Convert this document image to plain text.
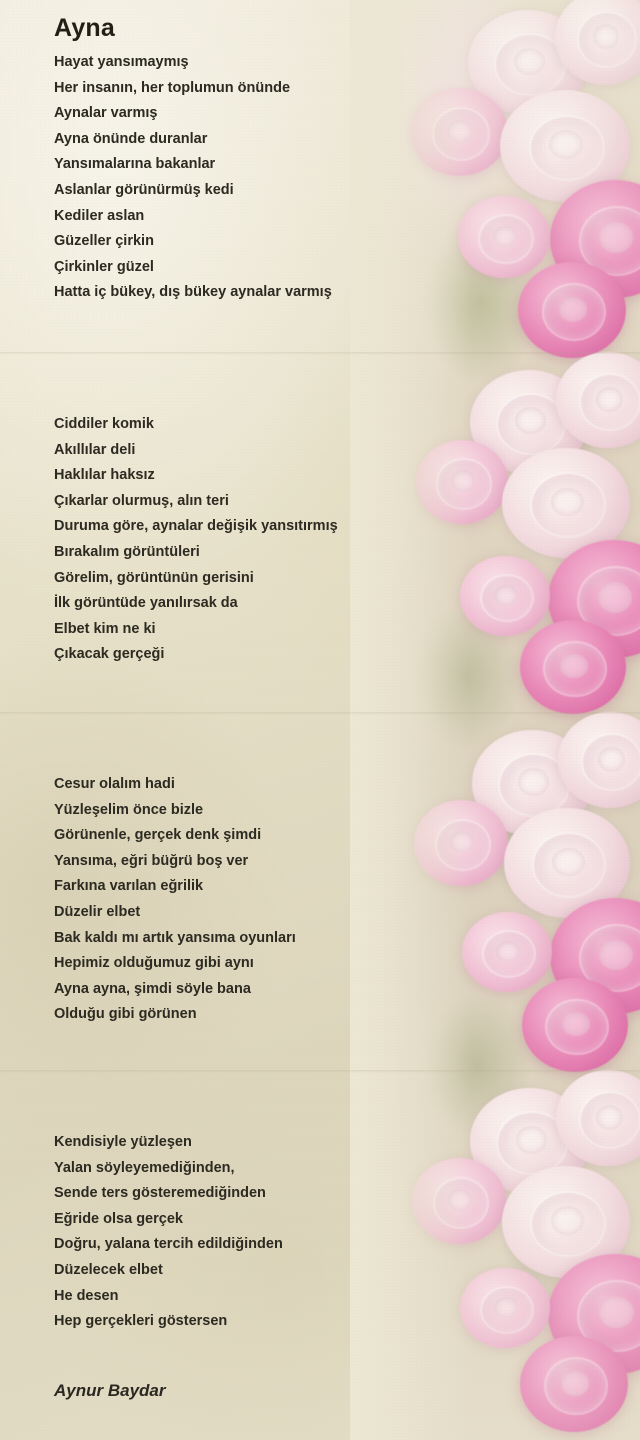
Ayna
Hayat yansımaymış
Her insanın, her toplumun önünde
Aynalar varmış
Ayna önünde duranlar
Yansımalarına bakanlar
Aslanlar görünürmüş kedi
Kediler aslan
Güzeller çirkin
Çirkinler güzel
Hatta iç bükey, dış bükey aynalar varmış
Ciddiler komik
Akıllılar deli
Haklılar haksız
Çıkarlar olurmuş, alın teri
Duruma göre, aynalar değişik yansıtırmış
Bırakalım görüntüleri
Görelim, görüntünün gerisini
İlk görüntüde yanılırsak da
Elbet kim ne ki
Çıkacak gerçeği
Cesur olalım hadi
Yüzleşelim önce bizle
Görünenle, gerçek denk şimdi
Yansıma, eğri büğrü boş ver
Farkına varılan eğrilik
Düzelir elbet
Bak kaldı mı artık yansıma oyunları
Hepimiz olduğumuz gibi aynı
Ayna ayna, şimdi söyle bana
Olduğu gibi görünen
Kendisiyle yüzleşen
Yalan söyleyemediğinden,
Sende ters gösteremediğinden
Eğride olsa gerçek
Doğru, yalana tercih edildiğinden
Düzelecek elbet
He desen
Hep gerçekleri göstersen
Aynur Baydar
